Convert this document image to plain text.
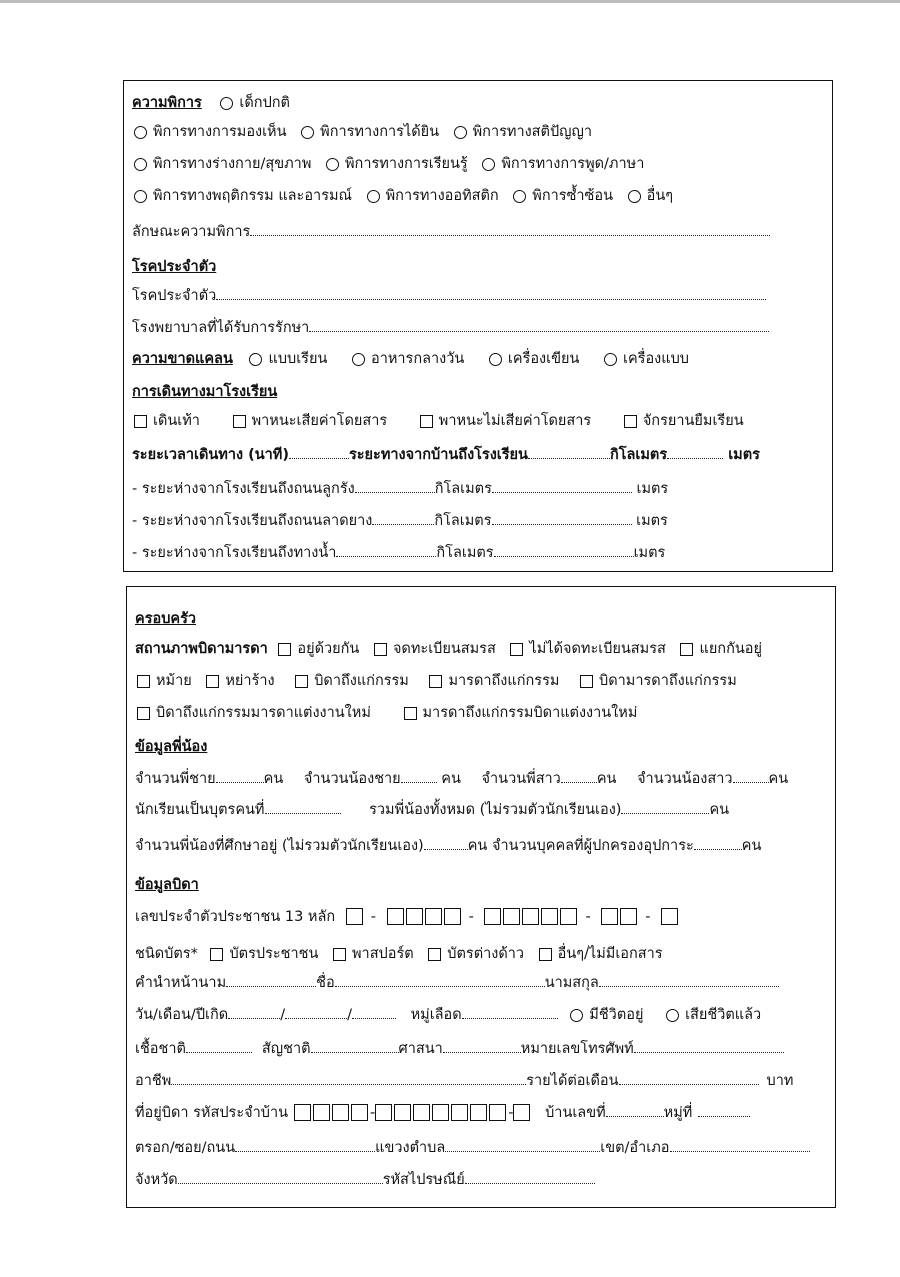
ความพิการ	เด็กปกติ
พิการทางการมองเห็น พิการทางการได้ยิน พิการทางสติปัญญา
พิการทางร่างกาย/สุขภาพ พิการทางการเรียนรู้ พิการทางการพูด/ภาษา
พิการทางพฤติกรรม และอารมณ์ พิการทางออทิสติก พิการซ้ำซ้อน อื่นๆ
ลักษณะความพิการ
โรคประจำตัว
โรคประจำตัว
โรงพยาบาลที่ได้รับการรักษา
ความขาดแคลน แบบเรียน	อาหารกลางวัน	เครื่องเขียน	เครื่องแบบ
การเดินทางมาโรงเรียน
เดินเท้า	พาหนะเสียค่าโดยสาร	พาหนะไม่เสียค่าโดยสาร	จักรยานยืมเรียน
ระยะเวลาเดินทาง (นาที)	ระยะทางจากบ้านถึงโรงเรียน	กิโลเมตร	เมตร
- ระยะห่างจากโรงเรียนถึงถนนลูกรัง	กิโลเมตร	เมตร
- ระยะห่างจากโรงเรียนถึงถนนลาดยาง	กิโลเมตร	เมตร
- ระยะห่างจากโรงเรียนถึงทางน้ำ	กิโลเมตร	เมตร
ครอบครัว
สถานภาพบิดามารดา อยู่ด้วยกัน จดทะเบียนสมรส ไม่ได้จดทะเบียนสมรส แยกกันอยู่
หม้าย หย่าร้าง	บิดาถึงแก่กรรม	มารดาถึงแก่กรรม	บิดามารดาถึงแก่กรรม
บิดาถึงแก่กรรมมารดาแต่งงานใหม่	มารดาถึงแก่กรรมบิดาแต่งงานใหม่
ข้อมูลพี่น้อง
จำนวนพี่ชาย	คน จำนวนน้องชาย	คน จำนวนพี่สาว คน จำนวนน้องสาว คน
นักเรียนเป็นบุตรคนที่	รวมพี่น้องทั้งหมด (ไม่รวมตัวนักเรียนเอง)	คน
จำนวนพี่น้องที่ศึกษาอยู่ (ไม่รวมตัวนักเรียนเอง)	คน จำนวนบุคคลที่ผู้ปกครองอุปการะ	คน
ข้อมูลบิดา
เลขประจำตัวประชาชน 13 หลัก -	-	-	-
ชนิดบัตร* บัตรประชาชน พาสปอร์ต บัตรต่างด้าว อื่นๆ/ไม่มีเอกสาร
คำนำหน้านาม	ชื่อ	นามสกุล
วัน/เดือน/ปีเกิด	/	/	หมู่เลือด	มีชีวิตอยู่	เสียชีวิตแล้ว
เชื้อชาติ	สัญชาติ	ศาสนา	หมายเลขโทรศัพท์
อาชีพ	รายได้ต่อเดือน	บาท
ที่อยู่บิดา รหัสประจำบ้าน	-	- บ้านเลขที่	หมู่ที่
ตรอก/ซอย/ถนน	แขวงตำบล	เขต/อำเภอ
จังหวัด	รหัสไปรษณีย์
